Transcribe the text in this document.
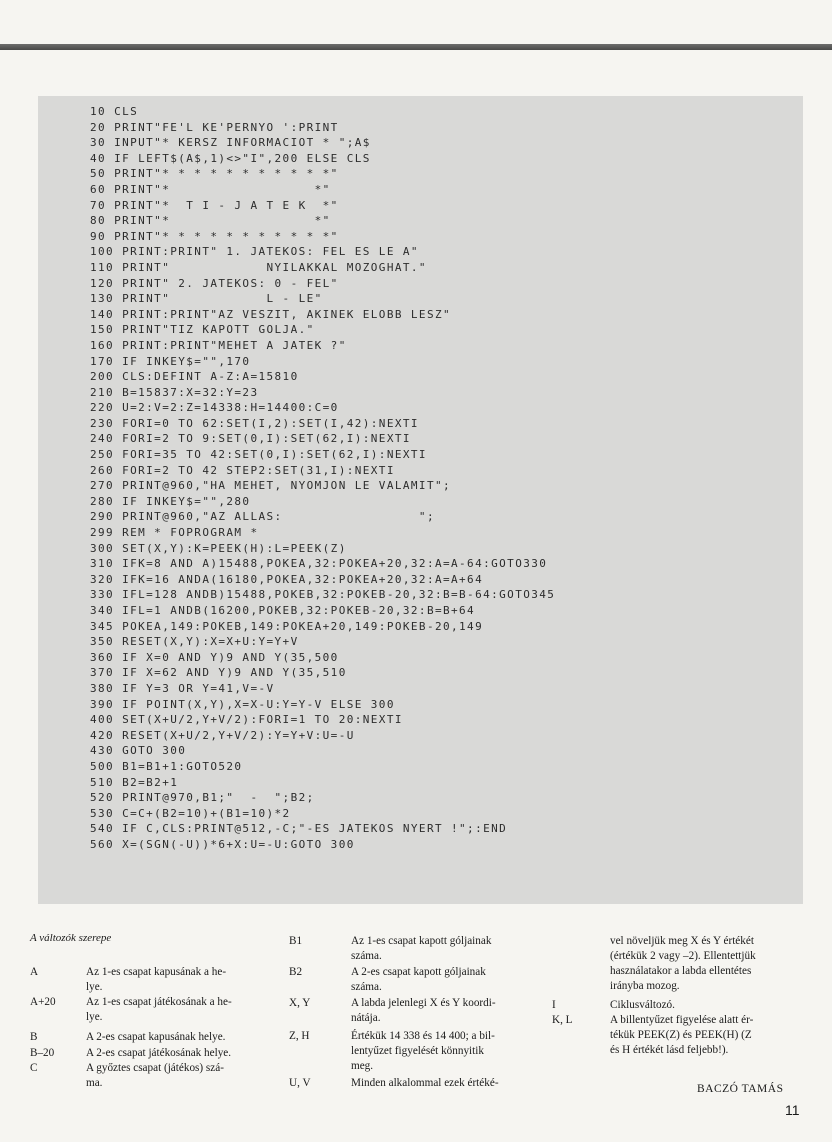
10 CLS
20 PRINT"FE'L KE'PERNYO ':PRINT
30 INPUT"* KERSZ INFORMACIOT * ";A$
40 IF LEFT$(A$,1)<>"I",200 ELSE CLS
50 PRINT"* * * * * * * * * * *"
60 PRINT"*                  *"
70 PRINT"*  T I - J A T E K  *"
80 PRINT"*                  *"
90 PRINT"* * * * * * * * * * *"
100 PRINT:PRINT" 1. JATEKOS: FEL ES LE A"
110 PRINT"            NYILAKKAL MOZOGHAT."
120 PRINT" 2. JATEKOS: 0 - FEL"
130 PRINT"            L - LE"
140 PRINT:PRINT"AZ VESZIT, AKINEK ELOBB LESZ"
150 PRINT"TIZ KAPOTT GOLJA."
160 PRINT:PRINT"MEHET A JATEK ?"
170 IF INKEY$="",170
200 CLS:DEFINT A-Z:A=15810
210 B=15837:X=32:Y=23
220 U=2:V=2:Z=14338:H=14400:C=0
230 FORI=0 TO 62:SET(I,2):SET(I,42):NEXTI
240 FORI=2 TO 9:SET(0,I):SET(62,I):NEXTI
250 FORI=35 TO 42:SET(0,I):SET(62,I):NEXTI
260 FORI=2 TO 42 STEP2:SET(31,I):NEXTI
270 PRINT@960,"HA MEHET, NYOMJON LE VALAMIT";
280 IF INKEY$="",280
290 PRINT@960,"AZ ALLAS:                 ";
299 REM * FOPROGRAM *
300 SET(X,Y):K=PEEK(H):L=PEEK(Z)
310 IFK=8 AND A)15488,POKEA,32:POKEA+20,32:A=A-64:GOTO330
320 IFK=16 ANDA(16180,POKEA,32:POKEA+20,32:A=A+64
330 IFL=128 ANDB)15488,POKEB,32:POKEB-20,32:B=B-64:GOTO345
340 IFL=1 ANDB(16200,POKEB,32:POKEB-20,32:B=B+64
345 POKEA,149:POKEB,149:POKEA+20,149:POKEB-20,149
350 RESET(X,Y):X=X+U:Y=Y+V
360 IF X=0 AND Y)9 AND Y(35,500
370 IF X=62 AND Y)9 AND Y(35,510
380 IF Y=3 OR Y=41,V=-V
390 IF POINT(X,Y),X=X-U:Y=Y-V ELSE 300
400 SET(X+U/2,Y+V/2):FORI=1 TO 20:NEXTI
420 RESET(X+U/2,Y+V/2):Y=Y+V:U=-U
430 GOTO 300
500 B1=B1+1:GOTO520
510 B2=B2+1
520 PRINT@970,B1;"  -  ";B2;
530 C=C+(B2=10)+(B1=10)*2
540 IF C,CLS:PRINT@512,-C;"-ES JATEKOS NYERT !";:END
560 X=(SGN(-U))*6+X:U=-U:GOTO 300
A változók szerepe
A	Az 1-es csapat kapusának a he-
lye.
A+20	Az 1-es csapat játékosának a he-
lye.
B	A 2-es csapat kapusának helye.
B–20	A 2-es csapat játékosának helye.
C	A győztes csapat (játékos) szá-
ma.
B1	Az 1-es csapat kapott góljainak
száma.
B2	A 2-es csapat kapott góljainak
száma.
X, Y	A labda jelenlegi X és Y koordi-
nátája.
Z, H	Értékük 14 338 és 14 400; a bil-
lentyűzet figyelését könnyitik
meg.
U, V	Minden alkalommal ezek értéké-
vel növeljük meg X és Y értékét
(értékük 2 vagy –2). Ellentettjük
használatakor a labda ellentétes
irányba mozog.
I	Ciklusváltozó.
K, L	A billentyűzet figyelése alatt ér-
tékük PEEK(Z) és PEEK(H) (Z
és H értékét lásd feljebb!).
BACZÓ TAMÁS
11
